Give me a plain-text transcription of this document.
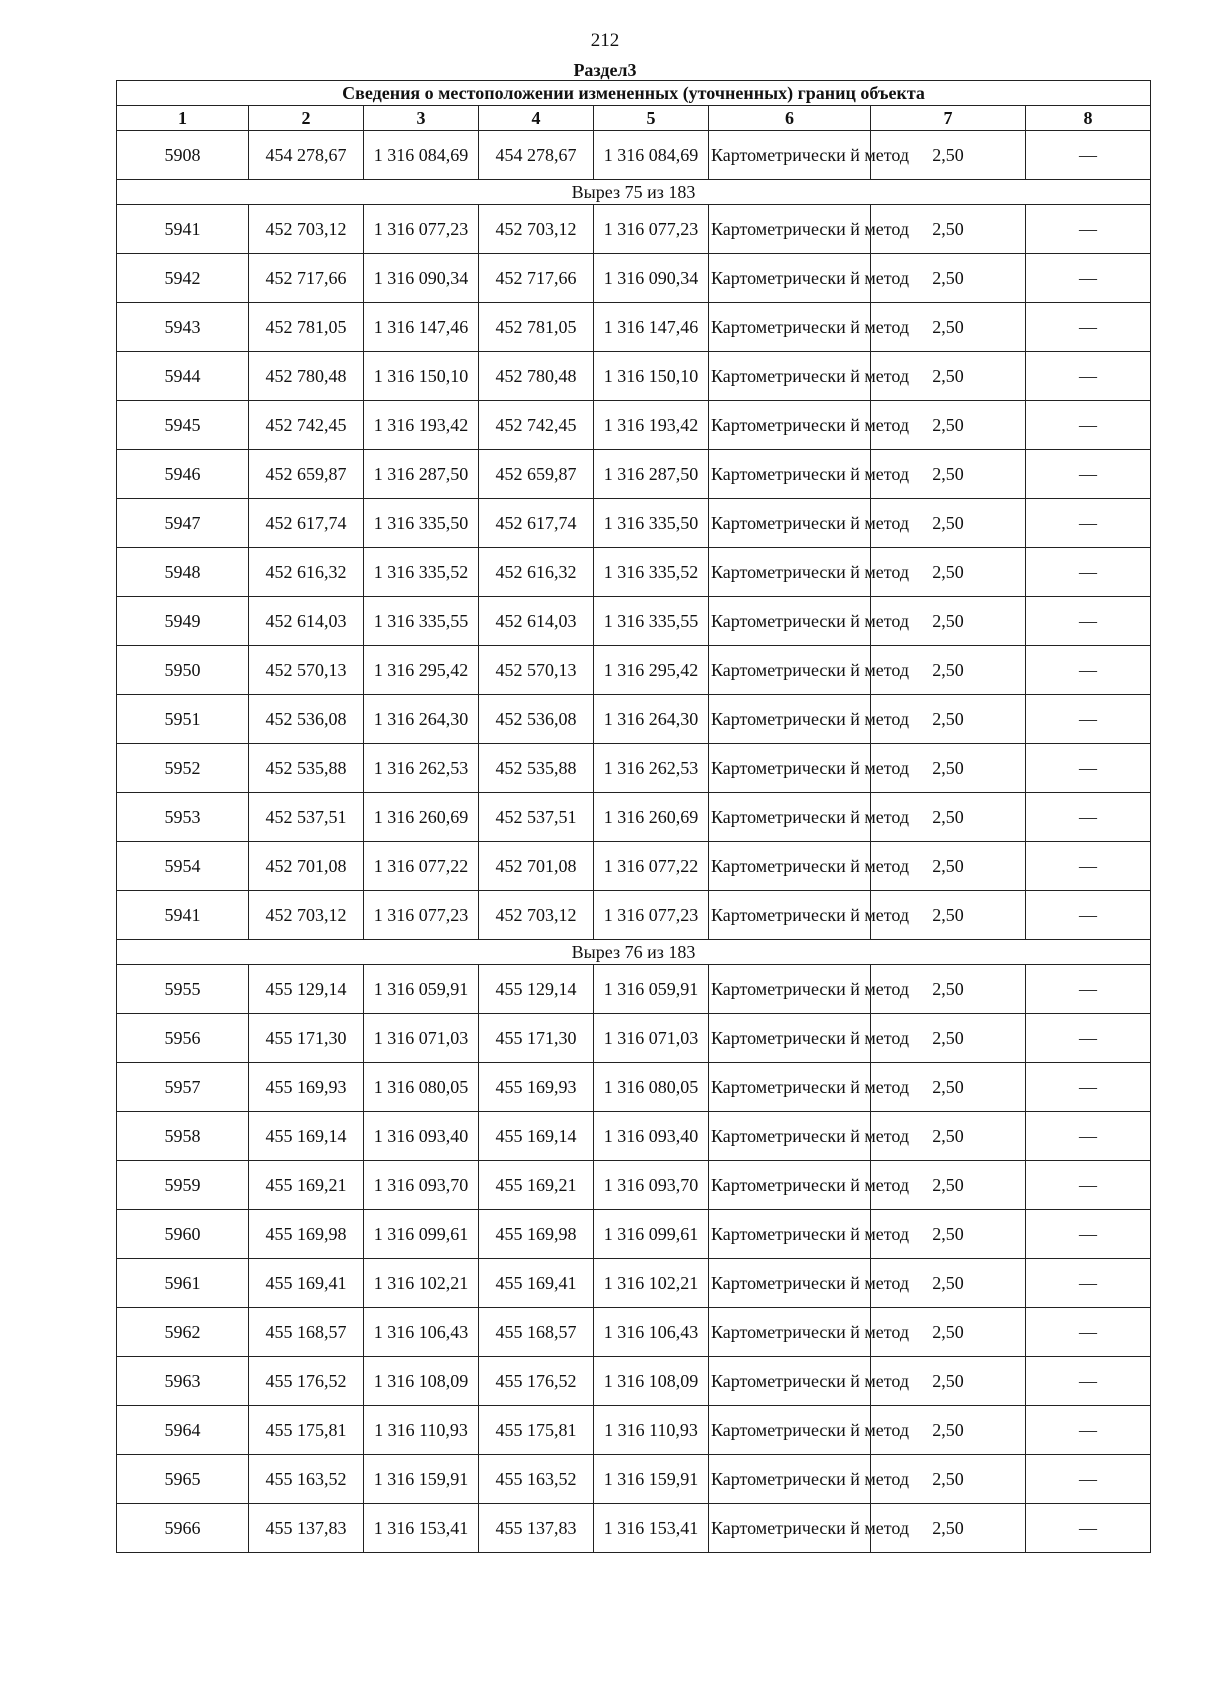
212
Раздел3
Сведения о местоположении измененных (уточненных) границ объекта							
1	2	3	4	5	6	7	8
5908	454 278,67	1 316 084,69	454 278,67	1 316 084,69	Картометрически й метод	2,50	—
Вырез 75 из 183							
5941	452 703,12	1 316 077,23	452 703,12	1 316 077,23	Картометрически й метод	2,50	—
5942	452 717,66	1 316 090,34	452 717,66	1 316 090,34	Картометрически й метод	2,50	—
5943	452 781,05	1 316 147,46	452 781,05	1 316 147,46	Картометрически й метод	2,50	—
5944	452 780,48	1 316 150,10	452 780,48	1 316 150,10	Картометрически й метод	2,50	—
5945	452 742,45	1 316 193,42	452 742,45	1 316 193,42	Картометрически й метод	2,50	—
5946	452 659,87	1 316 287,50	452 659,87	1 316 287,50	Картометрически й метод	2,50	—
5947	452 617,74	1 316 335,50	452 617,74	1 316 335,50	Картометрически й метод	2,50	—
5948	452 616,32	1 316 335,52	452 616,32	1 316 335,52	Картометрически й метод	2,50	—
5949	452 614,03	1 316 335,55	452 614,03	1 316 335,55	Картометрически й метод	2,50	—
5950	452 570,13	1 316 295,42	452 570,13	1 316 295,42	Картометрически й метод	2,50	—
5951	452 536,08	1 316 264,30	452 536,08	1 316 264,30	Картометрически й метод	2,50	—
5952	452 535,88	1 316 262,53	452 535,88	1 316 262,53	Картометрически й метод	2,50	—
5953	452 537,51	1 316 260,69	452 537,51	1 316 260,69	Картометрически й метод	2,50	—
5954	452 701,08	1 316 077,22	452 701,08	1 316 077,22	Картометрически й метод	2,50	—
5941	452 703,12	1 316 077,23	452 703,12	1 316 077,23	Картометрически й метод	2,50	—
Вырез 76 из 183							
5955	455 129,14	1 316 059,91	455 129,14	1 316 059,91	Картометрически й метод	2,50	—
5956	455 171,30	1 316 071,03	455 171,30	1 316 071,03	Картометрически й метод	2,50	—
5957	455 169,93	1 316 080,05	455 169,93	1 316 080,05	Картометрически й метод	2,50	—
5958	455 169,14	1 316 093,40	455 169,14	1 316 093,40	Картометрически й метод	2,50	—
5959	455 169,21	1 316 093,70	455 169,21	1 316 093,70	Картометрически й метод	2,50	—
5960	455 169,98	1 316 099,61	455 169,98	1 316 099,61	Картометрически й метод	2,50	—
5961	455 169,41	1 316 102,21	455 169,41	1 316 102,21	Картометрически й метод	2,50	—
5962	455 168,57	1 316 106,43	455 168,57	1 316 106,43	Картометрически й метод	2,50	—
5963	455 176,52	1 316 108,09	455 176,52	1 316 108,09	Картометрически й метод	2,50	—
5964	455 175,81	1 316 110,93	455 175,81	1 316 110,93	Картометрически й метод	2,50	—
5965	455 163,52	1 316 159,91	455 163,52	1 316 159,91	Картометрически й метод	2,50	—
5966	455 137,83	1 316 153,41	455 137,83	1 316 153,41	Картометрически й метод	2,50	—
